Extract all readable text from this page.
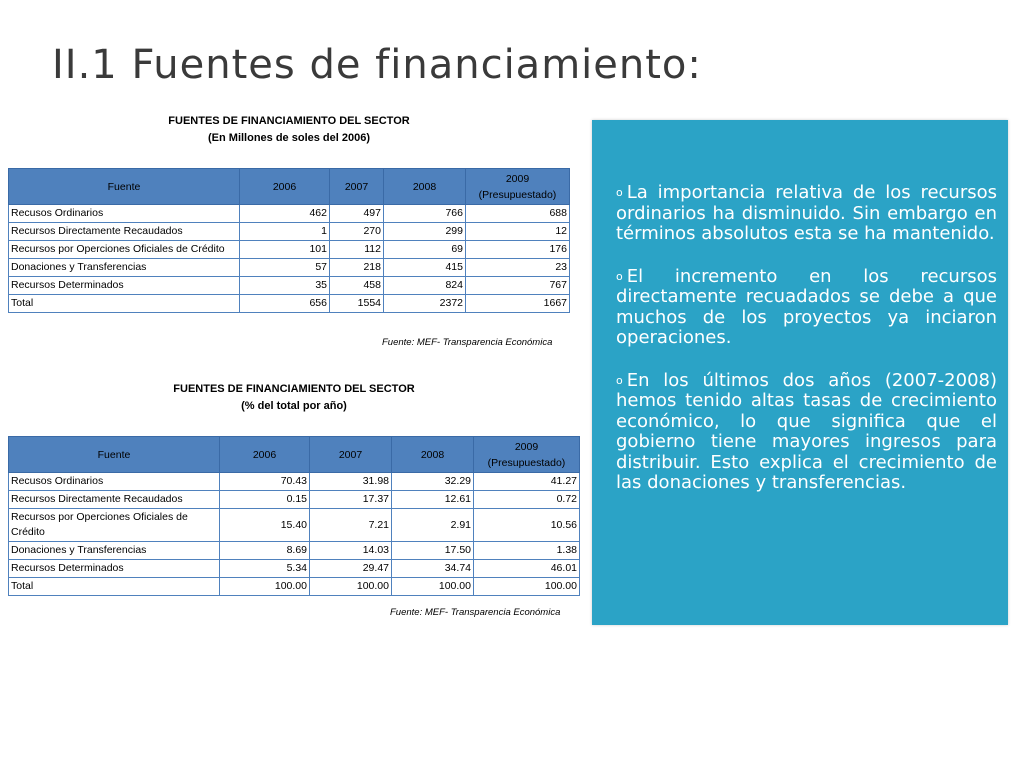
II.1 Fuentes de financiamiento:
FUENTES DE FINANCIAMIENTO DEL SECTOR
(En Millones de soles del 2006)
Fuente	2006	2007	2008	2009
(Presupuestado)
Recusos Ordinarios	462	497	766	688
Recursos Directamente Recaudados	1	270	299	12
Recursos por Operciones Oficiales de Crédito	101	112	69	176
Donaciones y Transferencias	57	218	415	23
Recursos Determinados	35	458	824	767
Total	656	1554	2372	1667
Fuente: MEF- Transparencia Económica
FUENTES DE FINANCIAMIENTO DEL SECTOR
(% del total por año)
Fuente	2006	2007	2008	2009
(Presupuestado)
Recusos Ordinarios	70.43	31.98	32.29	41.27
Recursos Directamente Recaudados	0.15	17.37	12.61	0.72
Recursos por Operciones Oficiales de Crédito	15.40	7.21	2.91	10.56
Donaciones y Transferencias	8.69	14.03	17.50	1.38
Recursos Determinados	5.34	29.47	34.74	46.01
Total	100.00	100.00	100.00	100.00
Fuente: MEF- Transparencia Económica

o La importancia relativa de los recursos ordinarios ha disminuido. Sin embargo en términos absolutos esta se ha mantenido.

o El incremento en los recursos directamente recuadados se debe a que muchos de los proyectos ya inciaron operaciones.

o En los últimos dos años (2007-2008) hemos tenido altas tasas de crecimiento económico, lo que significa que el gobierno tiene mayores ingresos para distribuir. Esto explica el crecimiento de las donaciones y transferencias.
